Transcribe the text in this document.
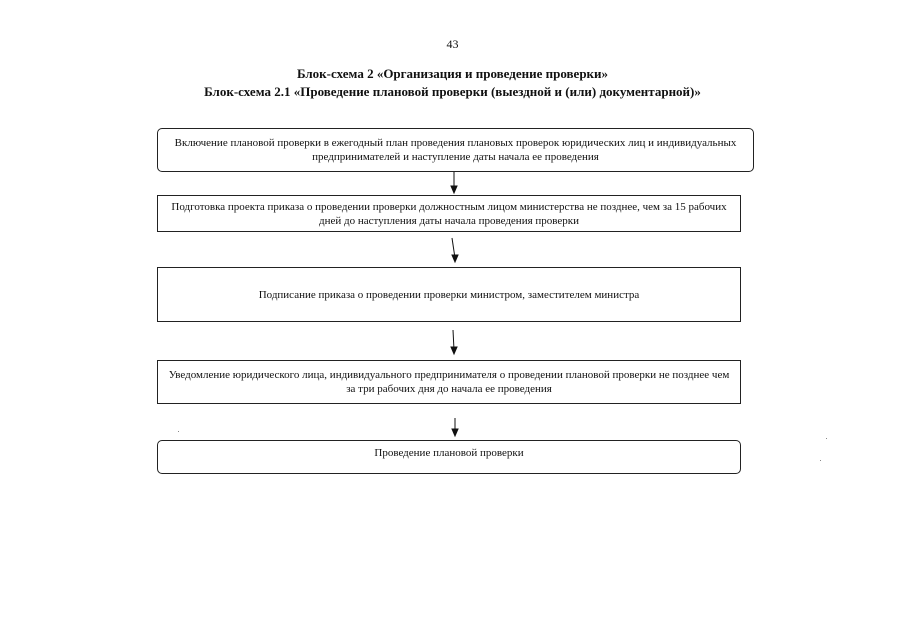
43
Блок-схема 2 «Организация и проведение проверки»
Блок-схема 2.1 «Проведение плановой проверки (выездной и (или) документарной)»
Включение плановой проверки в ежегодный план проведения плановых проверок юридических лиц и индивидуальных предпринимателей и наступление даты начала ее проведения
Подготовка проекта приказа о проведении проверки должностным лицом министерства не позднее, чем за 15 рабочих дней до наступления даты начала проведения проверки
Подписание приказа о проведении проверки министром, заместителем министра
Уведомление юридического лица, индивидуального предпринимателя о проведении плановой проверки не позднее чем за три рабочих дня до начала ее проведения
Проведение плановой проверки
